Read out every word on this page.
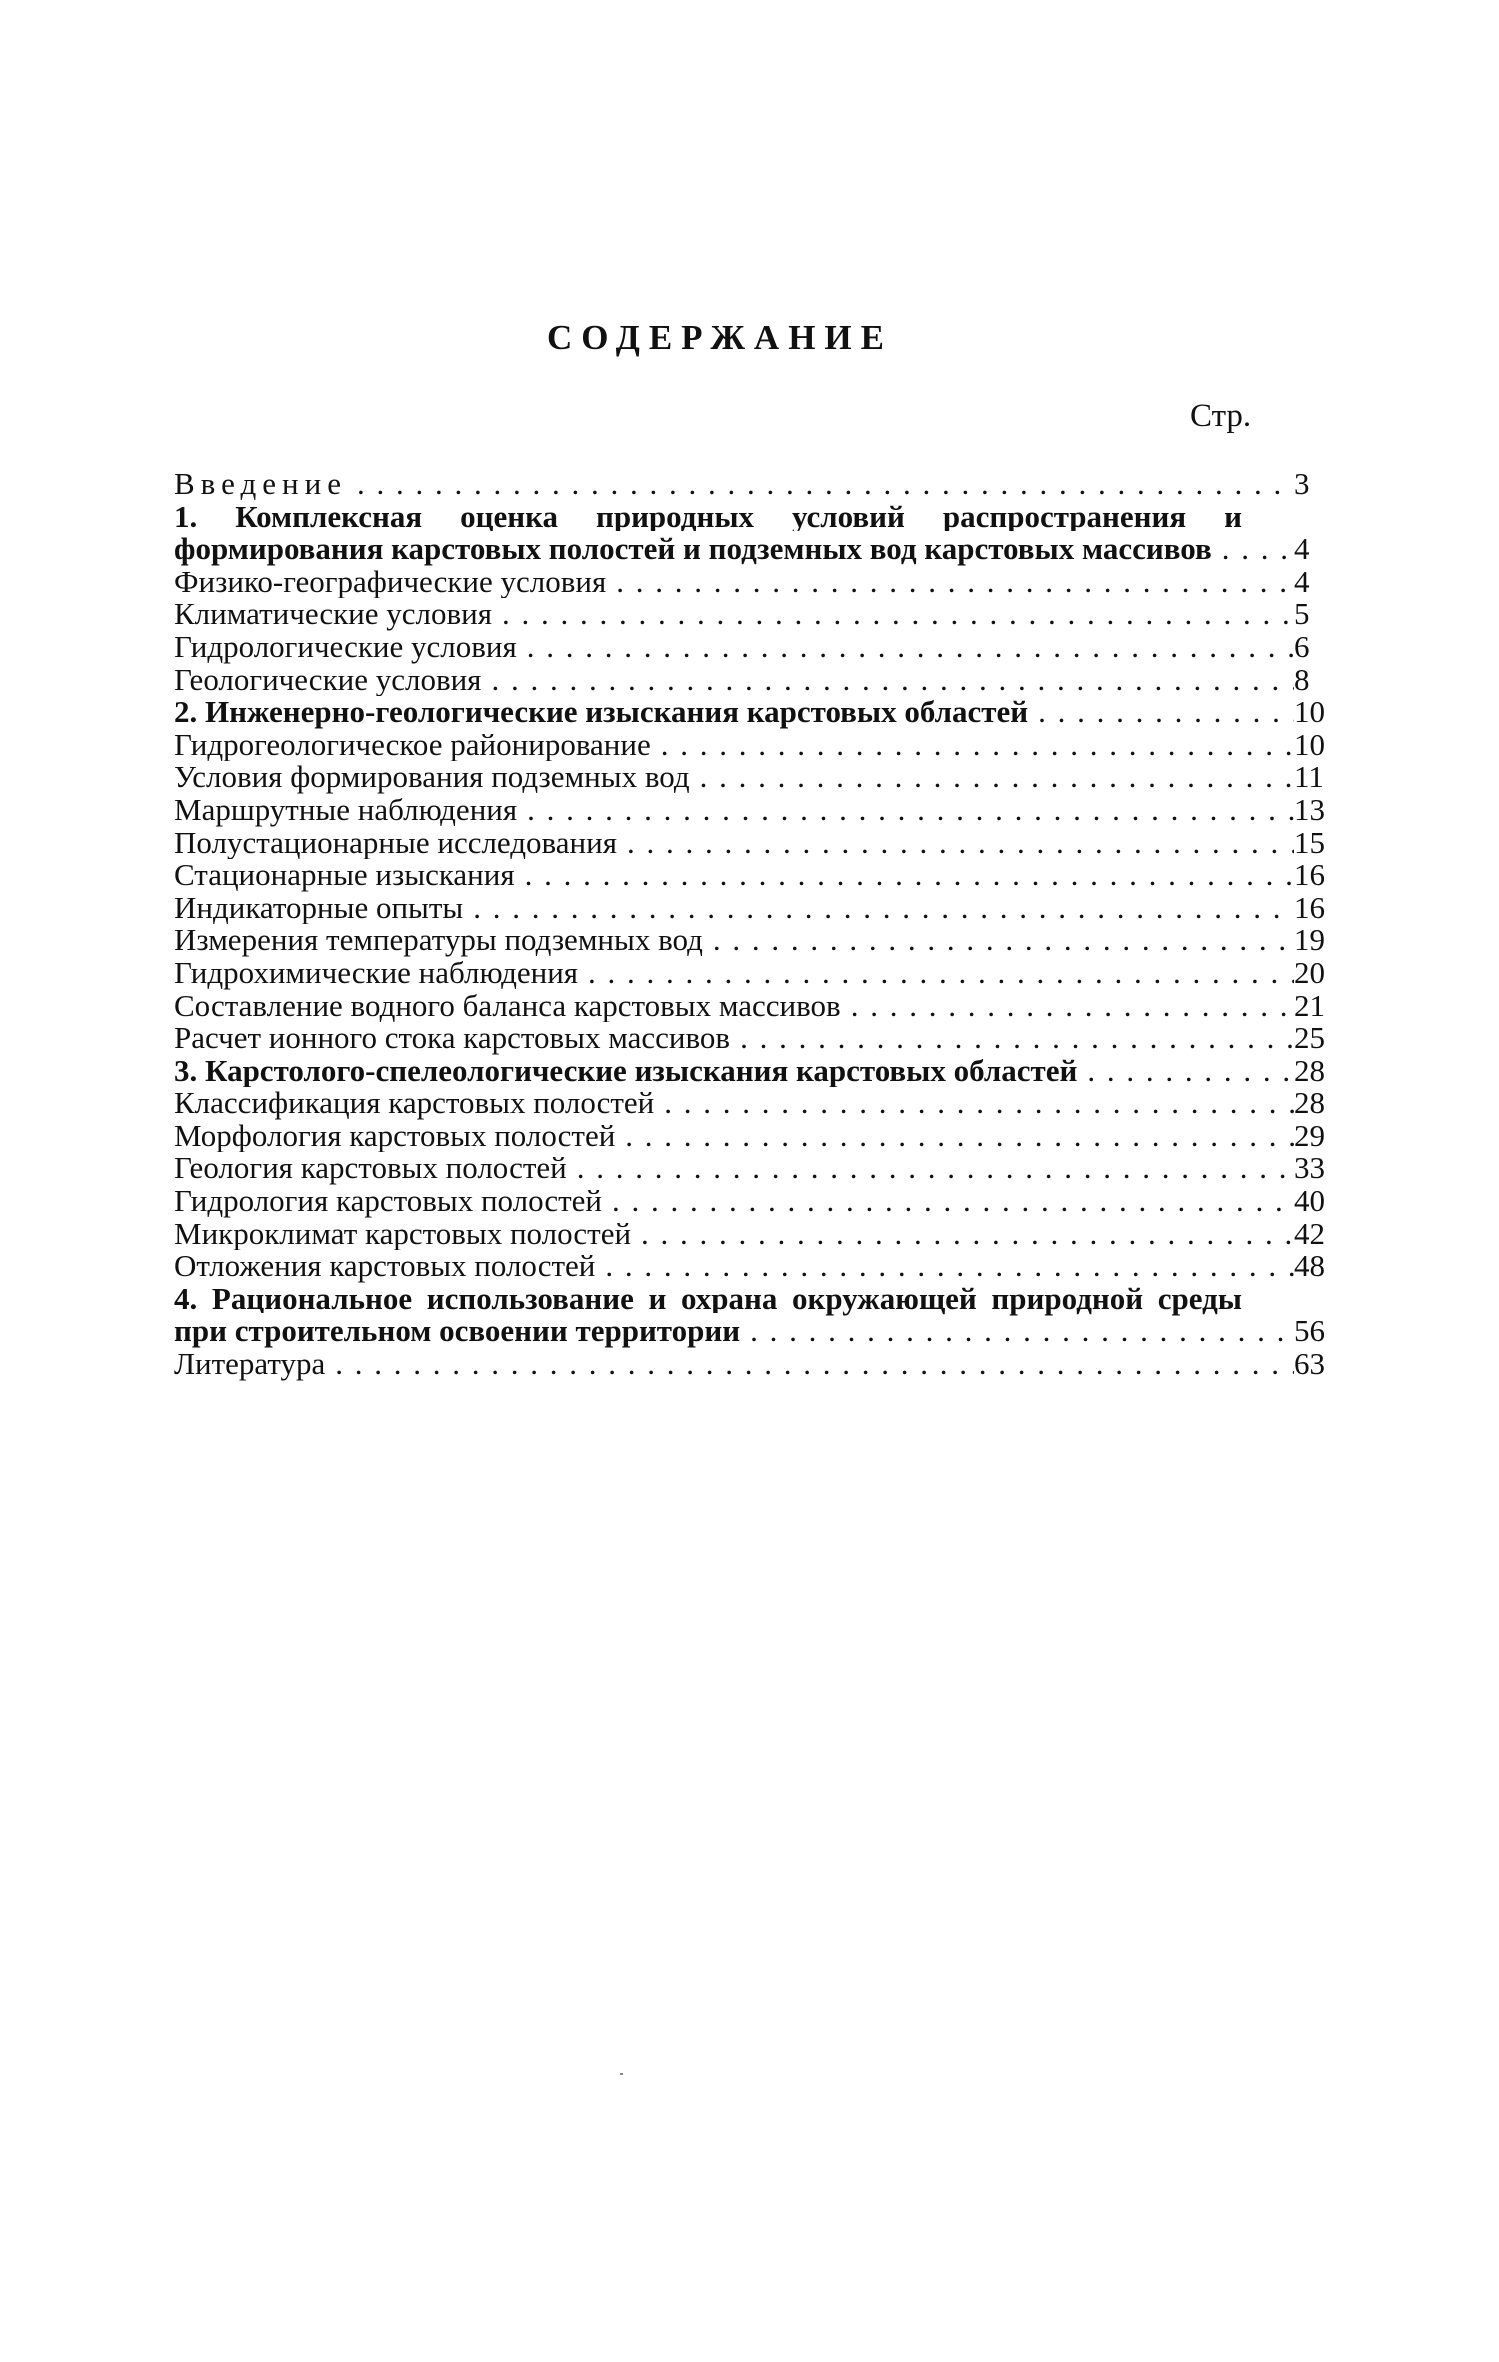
СОДЕРЖАНИЕ
Стр.
Введение . . .	3
1. Комплексная оценка природных условий распространения и формирования карстовых полостей и подземных вод карстовых массивов . . .	4
Физико-географические условия . . .	4
Климатические условия . . .	5
Гидрологические условия . . .	6
Геологические условия . . .	8
2. Инженерно-геологические изыскания карстовых областей . . .	10
Гидрогеологическое районирование . . .	10
Условия формирования подземных вод . . .	11
Маршрутные наблюдения . . .	13
Полустационарные исследования . . .	15
Стационарные изыскания . . .	16
Индикаторные опыты . . .	16
Измерения температуры подземных вод . . .	19
Гидрохимические наблюдения . . .	20
Составление водного баланса карстовых массивов . . .	21
Расчет ионного стока карстовых массивов . . .	25
3. Карстолого-спелеологические изыскания карстовых областей . . .	28
Классификация карстовых полостей . . .	28
Морфология карстовых полостей . . .	29
Геология карстовых полостей . . .	33
Гидрология карстовых полостей . . .	40
Микроклимат карстовых полостей . . .	42
Отложения карстовых полостей . . .	48
4. Рациональное использование и охрана окружающей природной среды при строительном освоении территории . . .	56
Литература . . .	63
